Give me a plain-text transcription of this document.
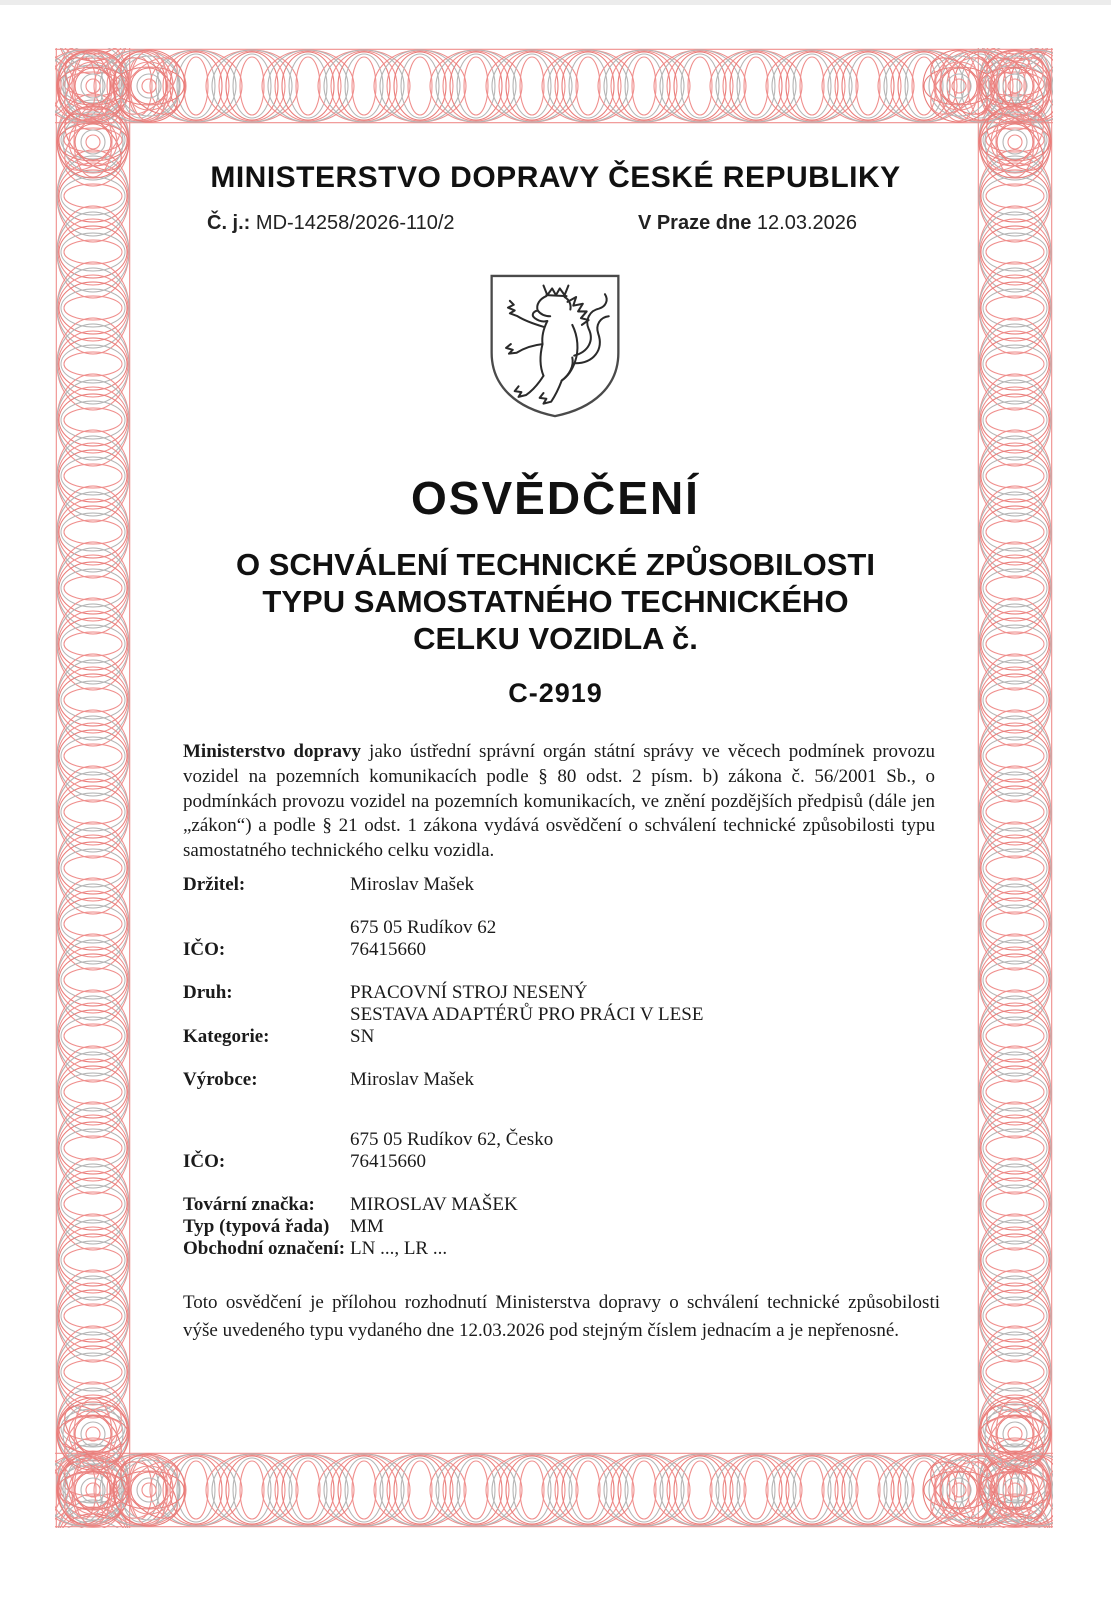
MINISTERSTVO DOPRAVY ČESKÉ REPUBLIKY
Č. j.: MD-14258/2026-110/2	V Praze dne 12.03.2026
OSVĚDČENÍ
O SCHVÁLENÍ TECHNICKÉ ZPŮSOBILOSTI
TYPU SAMOSTATNÉHO TECHNICKÉHO
CELKU VOZIDLA č.
C-2919

Ministerstvo dopravy jako ústřední správní orgán státní správy ve věcech podmínek provozu vozidel na pozemních komunikacích podle § 80 odst. 2 písm. b) zákona č. 56/2001 Sb., o podmínkách provozu vozidel na pozemních komunikacích, ve znění pozdějších předpisů (dále jen „zákon“) a podle § 21 odst. 1 zákona vydává osvědčení o schválení technické způsobilosti typu samostatného technického celku vozidla.

Držitel:	Miroslav Mašek
675 05 Rudíkov 62
IČO:	76415660
Druh:	PRACOVNÍ STROJ NESENÝ
SESTAVA ADAPTÉRŮ PRO PRÁCI V LESE
Kategorie:	SN
Výrobce:	Miroslav Mašek
675 05 Rudíkov 62, Česko
IČO:	76415660
Tovární značka:	MIROSLAV MAŠEK
Typ (typová řada)	MM
Obchodní označení: LN ..., LR ...

Toto osvědčení je přílohou rozhodnutí Ministerstva dopravy o schválení technické způsobilosti výše uvedeného typu vydaného dne 12.03.2026 pod stejným číslem jednacím a je nepřenosné.
